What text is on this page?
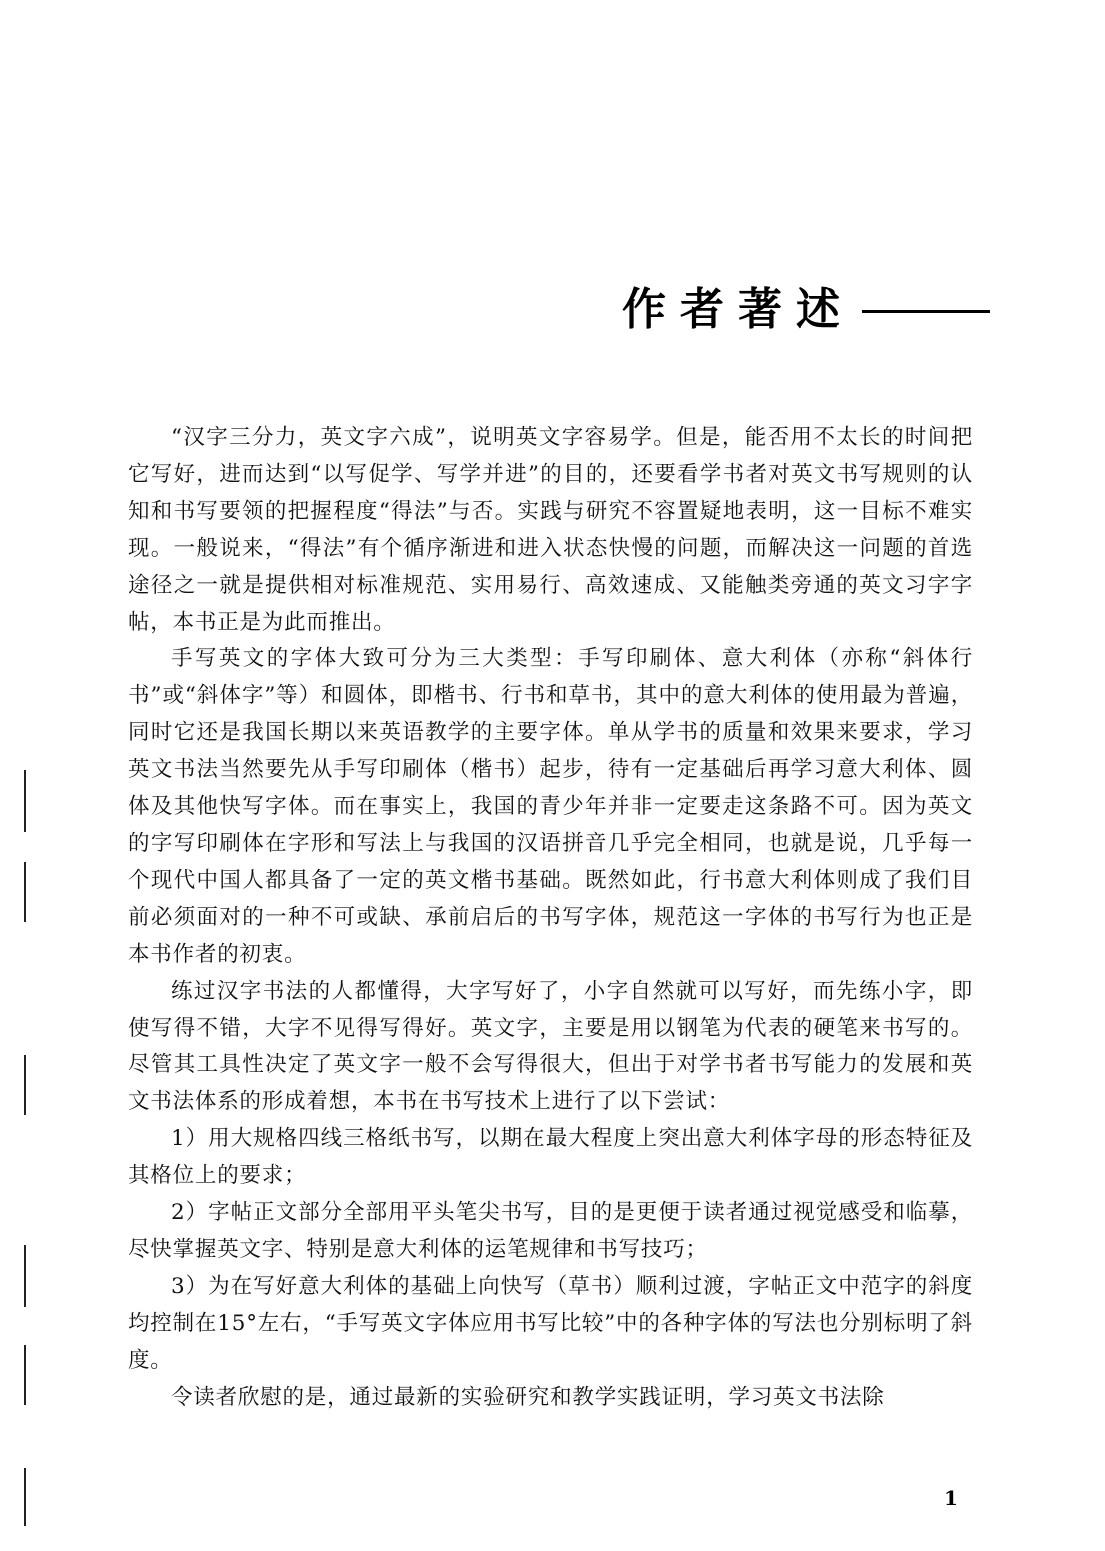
作者著述

“汉字三分力，英文字六成”，说明英文字容易学。但是，能否用不太长的时间把它写好，进而达到“以写促学、写学并进”的目的，还要看学书者对英文书写规则的认知和书写要领的把握程度“得法”与否。实践与研究不容置疑地表明，这一目标不难实现。一般说来，“得法”有个循序渐进和进入状态快慢的问题，而解决这一问题的首选途径之一就是提供相对标准规范、实用易行、高效速成、又能触类旁通的英文习字字帖，本书正是为此而推出。

手写英文的字体大致可分为三大类型：手写印刷体、意大利体（亦称“斜体行书”或“斜体字”等）和圆体，即楷书、行书和草书，其中的意大利体的使用最为普遍，同时它还是我国长期以来英语教学的主要字体。单从学书的质量和效果来要求，学习英文书法当然要先从手写印刷体（楷书）起步，待有一定基础后再学习意大利体、圆体及其他快写字体。而在事实上，我国的青少年并非一定要走这条路不可。因为英文的字写印刷体在字形和写法上与我国的汉语拼音几乎完全相同，也就是说，几乎每一个现代中国人都具备了一定的英文楷书基础。既然如此，行书意大利体则成了我们目前必须面对的一种不可或缺、承前启后的书写字体，规范这一字体的书写行为也正是本书作者的初衷。

练过汉字书法的人都懂得，大字写好了，小字自然就可以写好，而先练小字，即使写得不错，大字不见得写得好。英文字，主要是用以钢笔为代表的硬笔来书写的。尽管其工具性决定了英文字一般不会写得很大，但出于对学书者书写能力的发展和英文书法体系的形成着想，本书在书写技术上进行了以下尝试：

1）用大规格四线三格纸书写，以期在最大程度上突出意大利体字母的形态特征及其格位上的要求；

2）字帖正文部分全部用平头笔尖书写，目的是更便于读者通过视觉感受和临摹，尽快掌握英文字、特别是意大利体的运笔规律和书写技巧；

3）为在写好意大利体的基础上向快写（草书）顺利过渡，字帖正文中范字的斜度均控制在15°左右，“手写英文字体应用书写比较”中的各种字体的写法也分别标明了斜度。

令读者欣慰的是，通过最新的实验研究和教学实践证明，学习英文书法除

1
